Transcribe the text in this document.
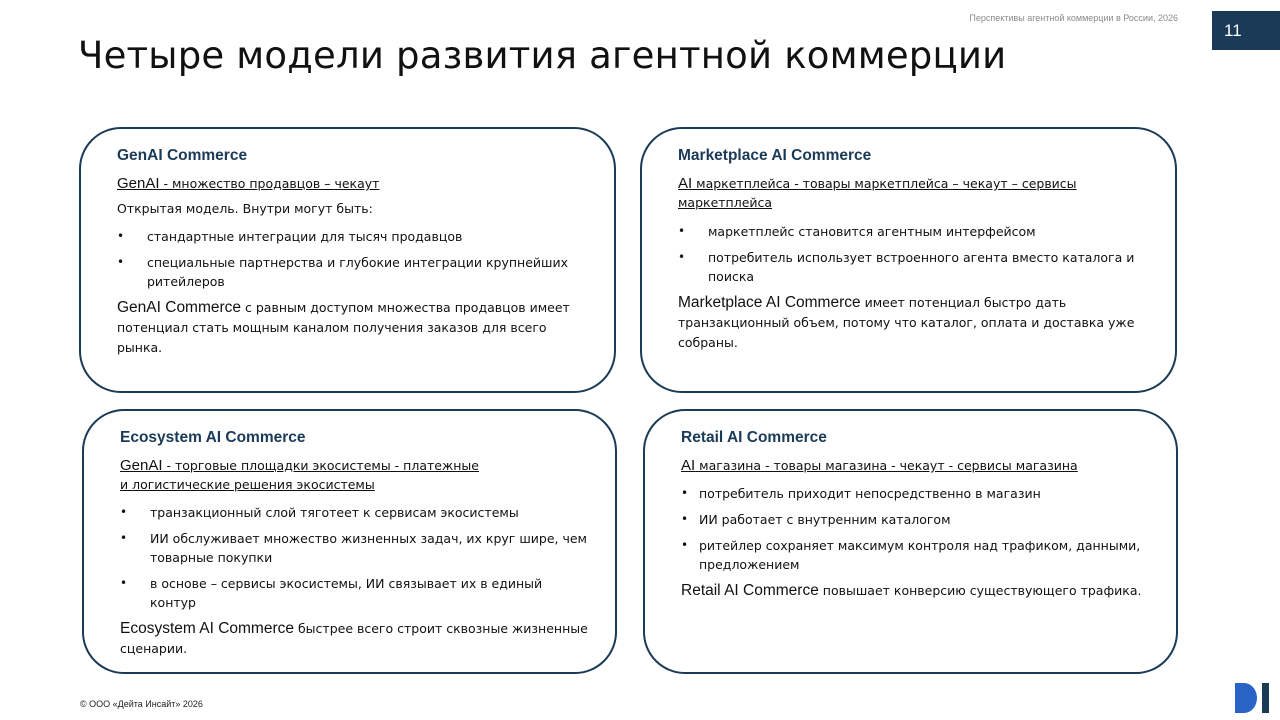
Перспективы агентной коммерции в России, 2026
11
Четыре модели развития агентной коммерции
GenAI Commerce
GenAI - множество продавцов – чекаут
Открытая модель. Внутри могут быть:
• стандартные интеграции для тысяч продавцов
• специальные партнерства и глубокие интеграции крупнейших ритейлеров

GenAI Commerce с равным доступом множества продавцов имеет потенциал стать мощным каналом получения заказов для всего рынка.

Marketplace AI Commerce
AI маркетплейса - товары маркетплейса – чекаут – сервисы маркетплейса
• маркетплейс становится агентным интерфейсом
• потребитель использует встроенного агента вместо каталога и поиска

Marketplace AI Commerce имеет потенциал быстро дать транзакционный объем, потому что каталог, оплата и доставка уже собраны.

Ecosystem AI Commerce
GenAI - торговые площадки экосистемы - платежные
и логистические решения экосистемы
• транзакционный слой тяготеет к сервисам экосистемы
• ИИ обслуживает множество жизненных задач, их круг шире, чем товарные покупки
• в основе – сервисы экосистемы, ИИ связывает их в единый контур

Ecosystem AI Commerce быстрее всего строит сквозные жизненные сценарии.

Retail AI Commerce
AI магазина - товары магазина - чекаут - сервисы магазина
• потребитель приходит непосредственно в магазин
• ИИ работает с внутренним каталогом
• ритейлер сохраняет максимум контроля над трафиком, данными, предложением

Retail AI Commerce повышает конверсию существующего трафика.

© ООО «Дейта Инсайт» 2026
